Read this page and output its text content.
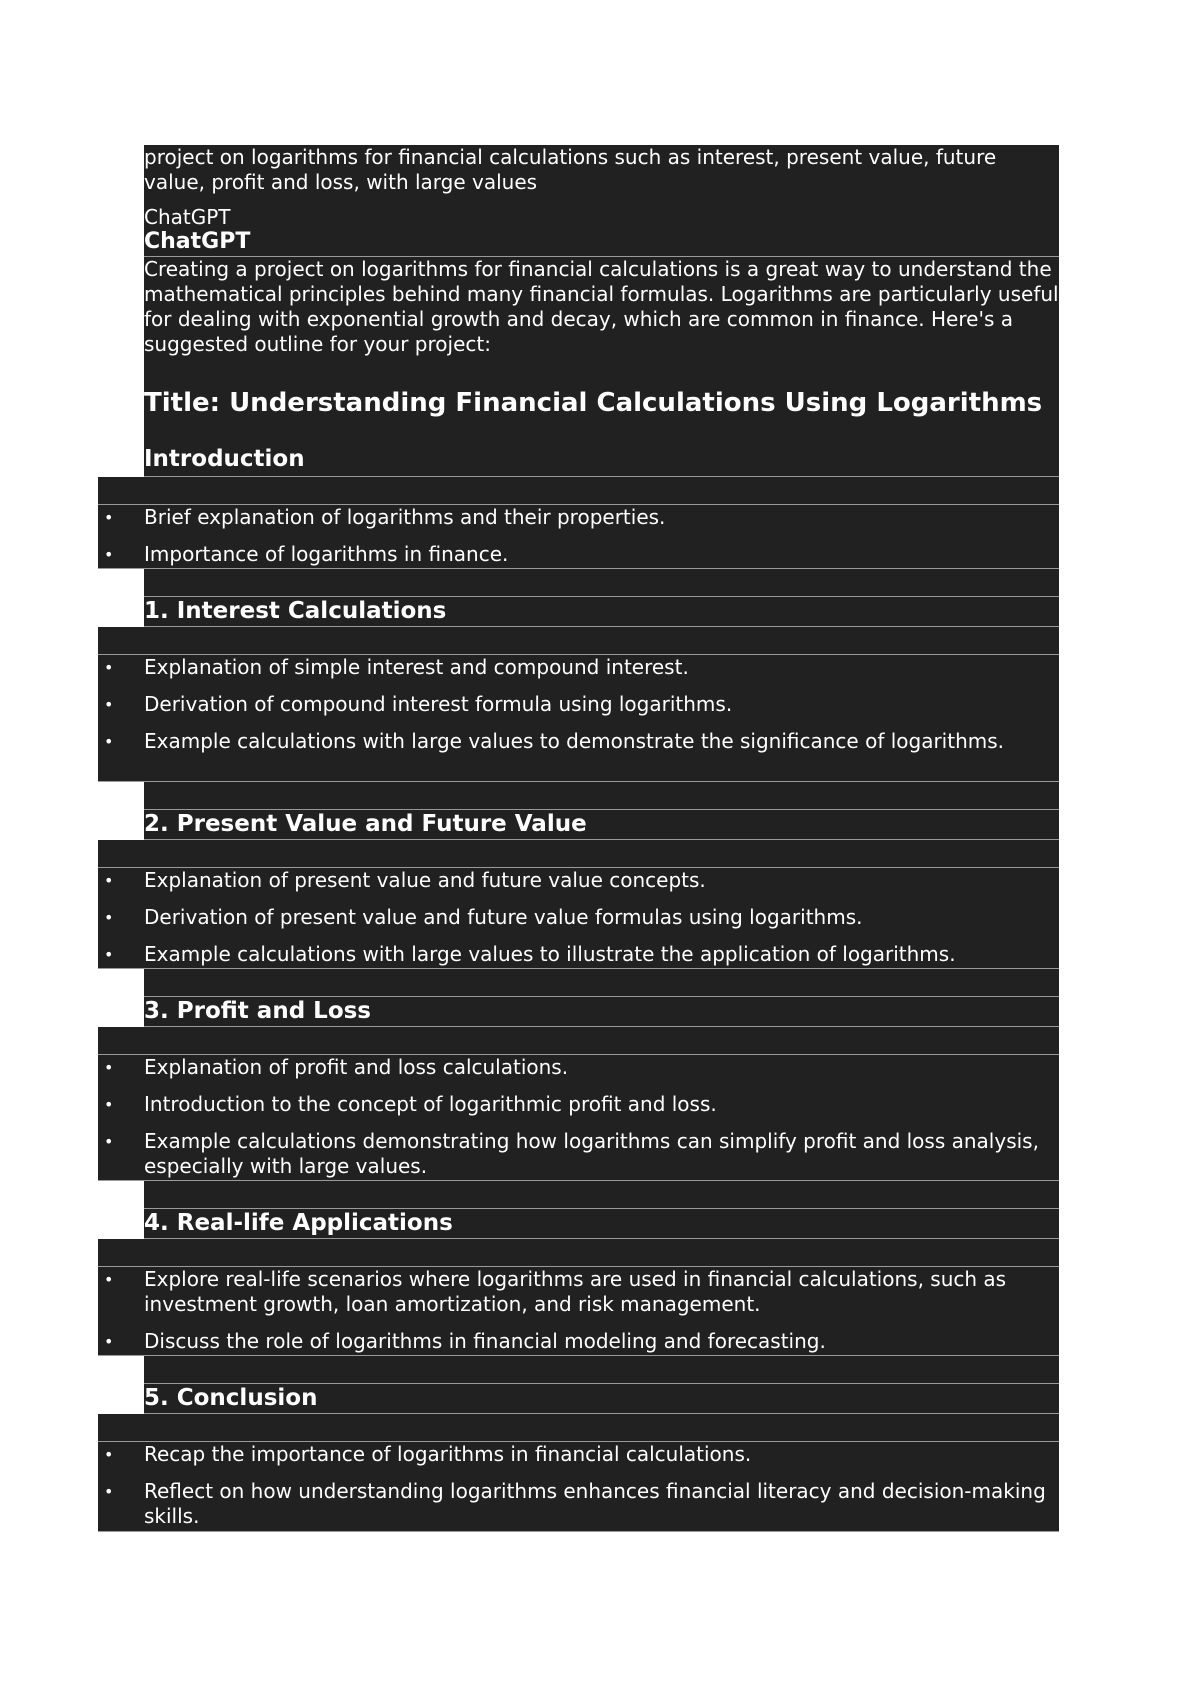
project on logarithms for financial calculations such as interest, present value, future value, profit and loss, with large values
ChatGPT
ChatGPT
Creating a project on logarithms for financial calculations is a great way to understand the mathematical principles behind many financial formulas. Logarithms are particularly useful for dealing with exponential growth and decay, which are common in finance. Here's a suggested outline for your project:
Title: Understanding Financial Calculations Using Logarithms
Introduction
1. Interest Calculations
2. Present Value and Future Value
3. Profit and Loss
4. Real-life Applications
5. Conclusion
• Brief explanation of logarithms and their properties.
• Importance of logarithms in finance.
• Explanation of simple interest and compound interest.
• Derivation of compound interest formula using logarithms.
• Example calculations with large values to demonstrate the significance of logarithms.
• Explanation of present value and future value concepts.
• Derivation of present value and future value formulas using logarithms.
• Example calculations with large values to illustrate the application of logarithms.
• Explanation of profit and loss calculations.
• Introduction to the concept of logarithmic profit and loss.
• Example calculations demonstrating how logarithms can simplify profit and loss analysis, especially with large values.
• Explore real-life scenarios where logarithms are used in financial calculations, such as investment growth, loan amortization, and risk management.
• Discuss the role of logarithms in financial modeling and forecasting.
• Recap the importance of logarithms in financial calculations.
• Reflect on how understanding logarithms enhances financial literacy and decision-making skills.
